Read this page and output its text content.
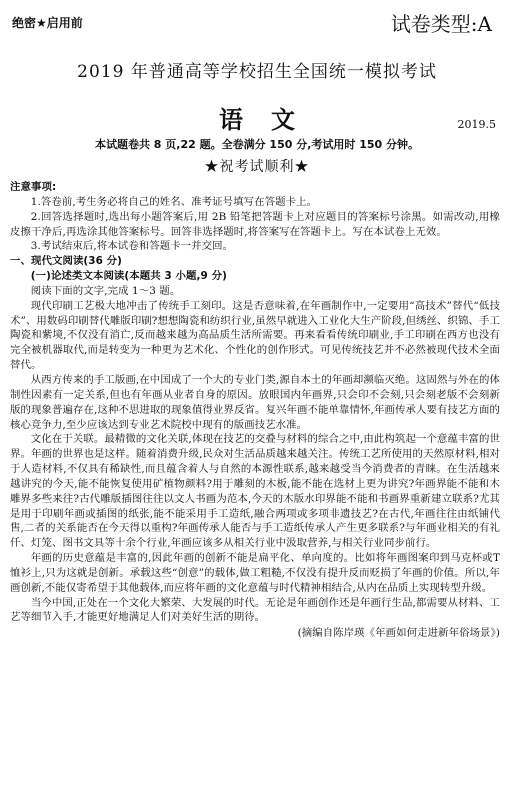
绝密★启用前	试卷类型:A
2019 年普通高等学校招生全国统一模拟考试
语文	2019.5
本试题卷共 8 页,22 题。全卷满分 150 分,考试用时 150 分钟。
★祝考试顺利★

注意事项:

1.答卷前,考生务必将自己的姓名、准考证号填写在答题卡上。

2.回答选择题时,选出每小题答案后,用 2B 铅笔把答题卡上对应题目的答案标号涂黑。如需改动,用橡皮擦干净后,再选涂其他答案标号。回答非选择题时,将答案写在答题卡上。写在本试卷上无效。

3.考试结束后,将本试卷和答题卡一并交回。

一、现代文阅读(36 分)

(一)论述类文本阅读(本题共 3 小题,9 分)

阅读下面的文字,完成 1～3 题。

现代印刷工艺极大地冲击了传统手工刻印。这是否意味着,在年画制作中,一定要用“高技术”替代“低技术”、用数码印刷替代雕版印刷?想想陶瓷和纺织行业,虽然早就进入工业化大生产阶段,但绣丝、织锦、手工陶瓷和紫境,不仅没有消亡,反而越来越为高品质生活所需要。再来看看传统印刷业,手工印刷在西方也没有完全被机器取代,而是转变为一种更为艺术化、个性化的创作形式。可见传统技艺并不必然被现代技术全面替代。

从西方传来的手工版画,在中国成了一个大的专业门类,源自本土的年画却濒临灭绝。这固然与外在的体制性因素有一定关系,但也有年画从业者自身的原因。放眼国内年画界,只会印不会刻,只会刻老版不会刻新版的现象普遍存在,这种不思进取的现象值得业界反省。复兴年画不能单靠情怀,年画传承人要有技艺方面的核心竞争力,至少应该达到专业艺术院校中现有的版画技艺水准。

文化在于关联。最精微的文化关联,体现在技艺的交叠与材料的综合之中,由此构筑起一个意蕴丰富的世界。年画的世界也是这样。随着消费升级,民众对生活品质越来越关注。传统工艺所使用的天然原材料,相对于人造材料,不仅具有稀缺性,而且蕴含着人与自然的本源性联系,越来越受当今消费者的青睐。在生活越来越讲究的今天,能不能恢复使用矿植物颜料?用于雕刻的木板,能不能在选材上更为讲究?年画界能不能和木雕界多些来往?古代雕版插图往往以文人书画为范本,今天的木版水印界能不能和书画界重新建立联系?尤其是用于印刷年画或插图的纸张,能不能采用手工造纸,融合两项或多项非遗技艺?在古代,年画往往由纸铺代售,二者的关系能否在今天得以重构?年画传承人能否与手工造纸传承人产生更多联系?与年画业相关的有礼仟、灯笼、图书文具等十余个行业,年画应该多从相关行业中汲取营养,与相关行业同步前行。

年画的历史意蕴是丰富的,因此年画的创新不能是扁平化、单向度的。比如将年画图案印到马克杯或T恤衫上,只为这就是创新。承载这些“创意”的载体,做工粗糙,不仅没有提升反而贬损了年画的价值。所以,年画创新,不能仅寄希望于其他载体,而应将年画的文化意蕴与时代精神相结合,从内在品质上实现转型升级。

当今中国,正处在一个文化大繁荣、大发展的时代。无论是年画创作还是年画行生品,都需要从材料、工艺等细节入手,才能更好地满足人们对美好生活的期待。

(摘编自陈岸瑛《年画如何走进新年俗场景》)
